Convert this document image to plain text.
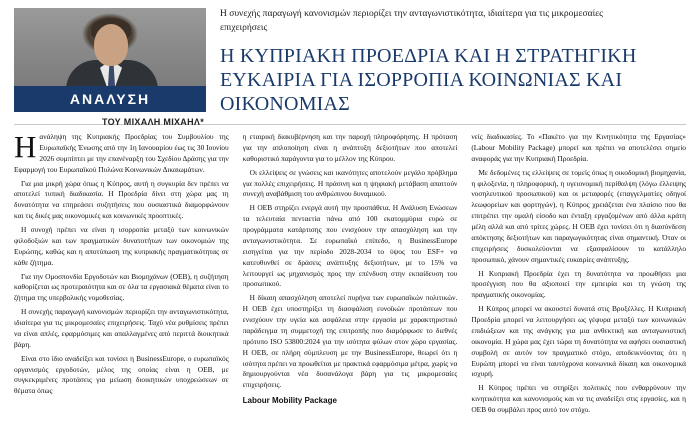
ΑΝΑΛΥΣΗ
ΤΟΥ ΜΙΧΑΛΗ ΜΙΧΑΗΛ*
Η συνεχής παραγωγή κανονισμών περιορίζει την ανταγωνιστικότητα, ιδιαίτερα για τις μικρομεσαίες επιχειρήσεις
Η ΚΥΠΡΙΑΚΗ ΠΡΟΕΔΡΙΑ ΚΑΙ Η ΣΤΡΑΤΗΓΙΚΗ ΕΥΚΑΙΡΙΑ ΓΙΑ ΙΣΟΡΡΟΠΙΑ ΚΟΙΝΩΝΙΑΣ ΚΑΙ ΟΙΚΟΝΟΜΙΑΣ

Ηανάληψη της Κυπριακής Προεδρίας του Συμβουλίου της Ευρωπαϊκής Ένωσης από την 1η Ιανουαρίου έως τις 30 Ιουνίου 2026 συμπίπτει με την επανέναρξη του Σχεδίου Δράσης για την Εφαρμογή του Ευρωπαϊκού Πυλώνα Κοινωνικών Δικαιωμάτων.

Για μια μικρή χώρα όπως η Κύπρος, αυτή η συγκυρία δεν πρέπει να αποτελεί τυπική διαδικασία. Η Προεδρία δίνει στη χώρα μας τη δυνατότητα να επηρεάσει συζητήσεις που ουσιαστικά διαμορφώνουν και τις δικές μας οικονομικές και κοινωνικές προοπτικές.

Η συνοχή πρέπει να είναι η ισορροπία μεταξύ των κοινωνικών φιλοδοξιών και των πραγματικών δυνατοτήτων των οικονομιών της Ευρώπης, καθώς και η αποτύπωση της κυπριακής πραγματικότητας σε κάθε ζήτημα.

Για την Ομοσπονδία Εργοδοτών και Βιομηχάνων (ΟΕΒ), η συζήτηση καθορίζεται ως προτεραιότητα και σε όλα τα εργασιακά θέματα είναι το ζήτημα της υπερβολικής νομοθεσίας.

Η συνεχής παραγωγή κανονισμών περιορίζει την ανταγωνιστικότητα, ιδιαίτερα για τις μικρομεσαίες επιχειρήσεις. Ταχύ νέα ρυθμίσεις πρέπει να είναι απλές, εφαρμόσιμες και απαλλαγμένες από περιττά διοικητικά βάρη.

Είναι στο ίδιο αναδείξει και τονίσει η BusinessEurope, ο ευρωπαϊκός οργανισμός εργοδοτών, μέλος της οποίας είναι η ΟΕΒ, με συγκεκριμένες προτάσεις για μείωση διοικητικών υποχρεώσεων σε θέματα όπως

η εταιρική διακυβέρνηση και την παροχή πληροφόρησης. Η πρόταση για την απλοποίηση είναι η ανάπτυξη δεξιοτήτων που αποτελεί καθοριστικό παράγοντα για το μέλλον της Κύπρου.

Οι ελλείψεις σε γνώσεις και ικανότητες αποτελούν μεγάλο πρόβλημα για πολλές επιχειρήσεις. Η πράσινη και η ψηφιακή μετάβαση απαιτούν συνεχή αναβάθμιση του ανθρώπινου δυναμικού.

Η ΟΕΒ στηρίζει ενεργά αυτή την προσπάθεια. Η Ανάλυση Ενώσεων τα τελευταία πενταετία πάνω από 100 εκατομμύρια ευρώ σε προγράμματα κατάρτισης που ενισχύουν την απασχόληση και την ανταγωνιστικότητα. Σε ευρωπαϊκό επίπεδο, η BusinessEurope εισηγείται για την περίοδο 2028-2034 το ύψος του ESF+ να κατευθυνθεί σε δράσεις ανάπτυξης δεξιοτήτων, με το 15% να λειτουργεί ως μηχανισμός προς την επένδυση στην εκπαίδευση του προσωπικού.

Η δίκαιη απασχόληση αποτελεί πυρήνα των ευρωπαϊκών πολιτικών. Η ΟΕΒ έχει υποστηρίξει τη διασφάλιση ευνοϊκών προτάσεων που ενισχύουν την υγεία και ασφάλεια στην εργασία με χαρακτηριστικό παράδειγμα τη συμμετοχή της επιτροπής που διαμόρφωσε το διεθνές πρότυπο ISO 53800:2024 για την ισότητα φύλων στον χώρο εργασίας. Η ΟΕΒ, σε πλήρη σύμπλευση με την BusinessEurope, θεωρεί ότι η ισότητα πρέπει να προωθείται με πρακτικά εφαρμόσιμα μέτρα, χωρίς να δημιουργούνται νέα δυσανάλογα βάρη για τις μικρομεσαίες επιχειρήσεις.

Labour Mobility Package

νείς διαδικασίες. Το «Πακέτο για την Κινητικότητα της Εργασίας» (Labour Mobility Package) μπορεί και πρέπει να αποτελέσει σημείο αναφοράς για την Κυπριακή Προεδρία.

Με δεδομένες τις ελλείψεις σε τομείς όπως η οικοδομική βιομηχανία, η φιλοξενία, η πληροφορική, η υγειονομική περίθαλψη (λόγω έλλειψης νοσηλευτικού προσωπικού) και οι μεταφορές (επαγγελματίες οδηγοί λεωφορείων και φορτηγών), η Κύπρος χρειάζεται ένα πλαίσιο που θα επιτρέπει την ομαλή είσοδο και ένταξη εργαζομένων από άλλα κράτη μέλη αλλά και από τρίτες χώρες. Η ΟΕΒ έχει τονίσει ότι η διασύνδεση απόκτησης δεξιοτήτων και παραγωγικότητας είναι σημαντική. Όταν οι επιχειρήσεις δυσκολεύονται να εξασφαλίσουν το κατάλληλο προσωπικό, χάνουν σημαντικές ευκαιρίες ανάπτυξης.

Η Κυπριακή Προεδρία έχει τη δυνατότητα να προωθήσει μια προσέγγιση που θα αξιοποιεί την εμπειρία και τη γνώση της πραγματικής οικονομίας.

Η Κύπρος μπορεί να ακουστεί δυνατά στις Βρυξέλλες. Η Κυπριακή Προεδρία μπορεί να λειτουργήσει ως γέφυρα μεταξύ των κοινωνικών επιδιώξεων και της ανάγκης για μια ανθεκτική και ανταγωνιστική οικονομία. Η χώρα μας έχει τώρα τη δυνατότητα να αφήσει ουσιαστική συμβολή σε αυτόν τον πραγματικό στόχο, αποδεικνύοντας ότι η Ευρώπη μπορεί να είναι ταυτόχρονα κοινωνικά δίκαιη και οικονομικά ισχυρή.

Η Κύπρος πρέπει να στηρίξει πολιτικές που ενθαρρύνουν την κινητικότητα και κανονισμούς και να τις αναδείξει στις εργασίες, και η ΟΕΒ θα συμβάλει προς αυτό τον στόχο.
